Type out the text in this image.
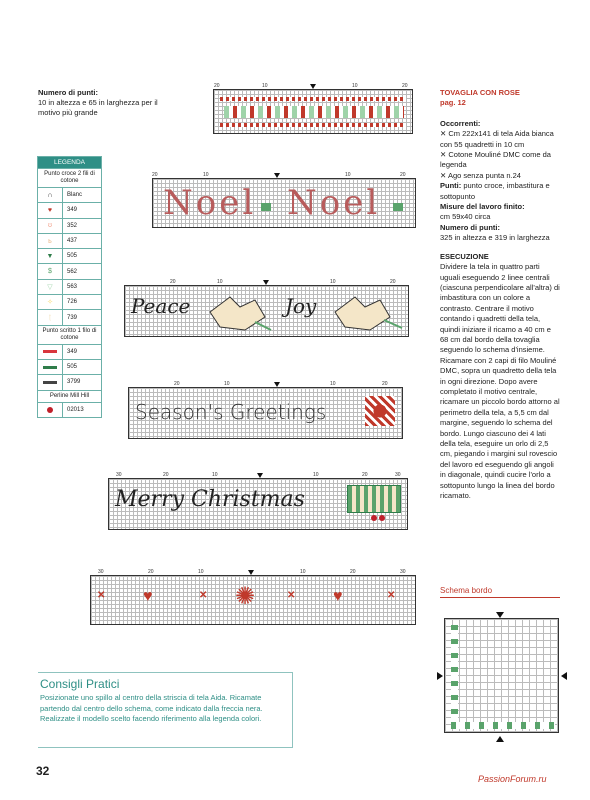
Numero di punti:
10 in altezza e 65 in larghezza per il motivo più grande
LEGENDA
Punto croce 2 fili di cotone
∩	Blanc
♥	349
ʊ	352
ь	437
▼	505
$	562
▽	563
✧	726
ʈ	739
Punto scritto 1 filo di cotone
349
505
3799
Perline Mill Hill
02013
20	10	10	20
Noel Noel
20	10	10	20
Peace	Joy
20	10	10	20
Season's Greetings
20	10	10	20
Merry Christmas
30	20	10	10	20	30
✕ ♥	✕ ✺	✕ ♥	✕
30	20	10	10	20	30
TOVAGLIA CON ROSE
pag. 12
Occorrenti:
✕ Cm 222x141 di tela Aida bianca con 55 quadretti in 10 cm
✕ Cotone Mouliné DMC come da legenda
✕ Ago senza punta n.24
Punti: punto croce, imbastitura e sottopunto
Misure del lavoro finito:
cm 59x40 circa
Numero di punti:
325 in altezza e 319 in larghezza
ESECUZIONE
Dividere la tela in quattro parti uguali eseguendo 2 linee centrali (ciascuna perpendicolare all'altra) di imbastitura con un colore a contrasto. Centrare il motivo contando i quadretti della tela, quindi iniziare il ricamo a 40 cm e 68 cm dal bordo della tovaglia seguendo lo schema d'insieme. Ricamare con 2 capi di filo Mouliné DMC, sopra un quadretto della tela in ogni direzione. Dopo avere completato il motivo centrale, ricamare un piccolo bordo attorno al perimetro della tela, a 5,5 cm dal margine, seguendo lo schema del bordo. Lungo ciascuno dei 4 lati della tela, eseguire un orlo di 2,5 cm, piegando i margini sul rovescio del lavoro ed eseguendo gli angoli in diagonale, quindi cucire l'orlo a sottopunto lungo la linea del bordo ricamato.
Schema bordo
Consigli Pratici
Posizionate uno spillo al centro della striscia di tela Aida. Ricamate partendo dal centro dello schema, come indicato dalla freccia nera. Realizzate il modello scelto facendo riferimento alla legenda colori.
32
PassionForum.ru
